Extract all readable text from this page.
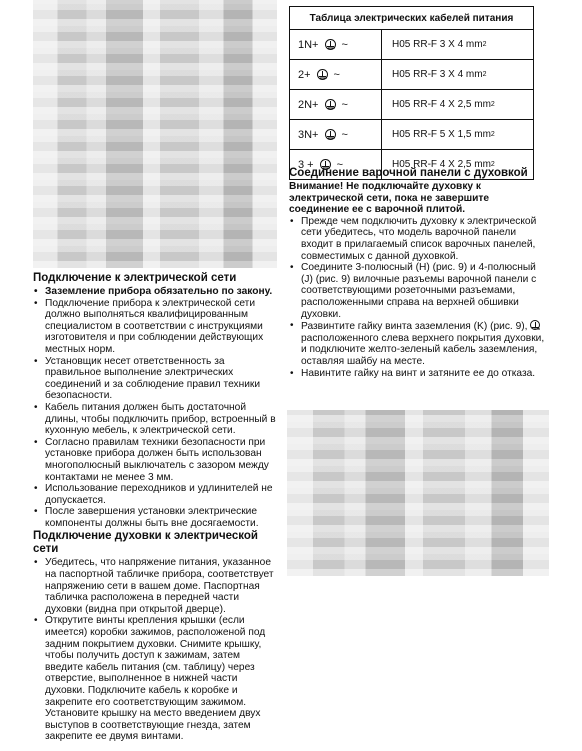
Подключение к электрической сети
• Заземление прибора обязательно по закону.
• Подключение прибора к электрической сети должно выполняться квалифицированным специалистом в соответствии с инструкциями изготовителя и при соблюдении действующих местных норм.
• Установщик несет ответственность за правильное выполнение электрических соединений и за соблюдение правил техники безопасности.
• Кабель питания должен быть достаточной длины, чтобы подключить прибор, встроенный в кухонную мебель, к электрической сети.
• Согласно правилам техники безопасности при установке прибора должен быть использован многополюсный выключатель с зазором между контактами не менее 3 мм.
• Использование переходников и удлинителей не допускается.
• После завершения установки электрические компоненты должны быть вне досягаемости.
Подключение духовки к электрической сети
• Убедитесь, что напряжение питания, указанное на паспортной табличке прибора, соответствует напряжению сети в вашем доме. Паспортная табличка расположена в передней части духовки (видна при открытой дверце).
• Открутите винты крепления крышки (если имеется) коробки зажимов, расположеной под задним покрытием духовки. Снимите крышку, чтобы получить доступ к зажимам, затем введите кабель питания (см. таблицу) через отверстие, выполненное в нижней части духовки. Подключите кабель к коробке и закрепите его соответствующим зажимом. Установите крышку на место введением двух выступов в соответствующие гнезда, затем закрепите ее двумя винтами.
Таблица электрических кабелей питания
1N+ ~	H05 RR-F 3 X 4 mm 2
2+ ~	H05 RR-F 3 X 4 mm 2
2N+ ~	H05 RR-F 4 X 2,5 mm 2
3N+ ~	H05 RR-F 5 X 1,5 mm 2
3 + ~	H05 RR-F 4 X 2,5 mm 2
Соединение варочной панели с духовкой

Внимание! Не подключайте духовку к электрической сети, пока не завершите соединение ее с варочной плитой.

• Прежде чем подключить духовку к электрической сети убедитесь, что модель варочной панели входит в прилагаемый список варочных панелей, совместимых с данной духовкой.
• Соедините 3-полюсный (H) (рис. 9) и 4-полюсный (J) (рис. 9) вилочные разъемы варочной панели с соответствующими розеточными разъемами, расположенными справа на верхней обшивки духовки.
• Развинтите гайку винта заземления (K) (рис. 9),  расположенного слева верхнего покрытия духовки, и подключите желто-зеленый кабель заземления, оставляя шайбу на месте.
• Навинтите гайку на винт и затяните ее до отказа.
